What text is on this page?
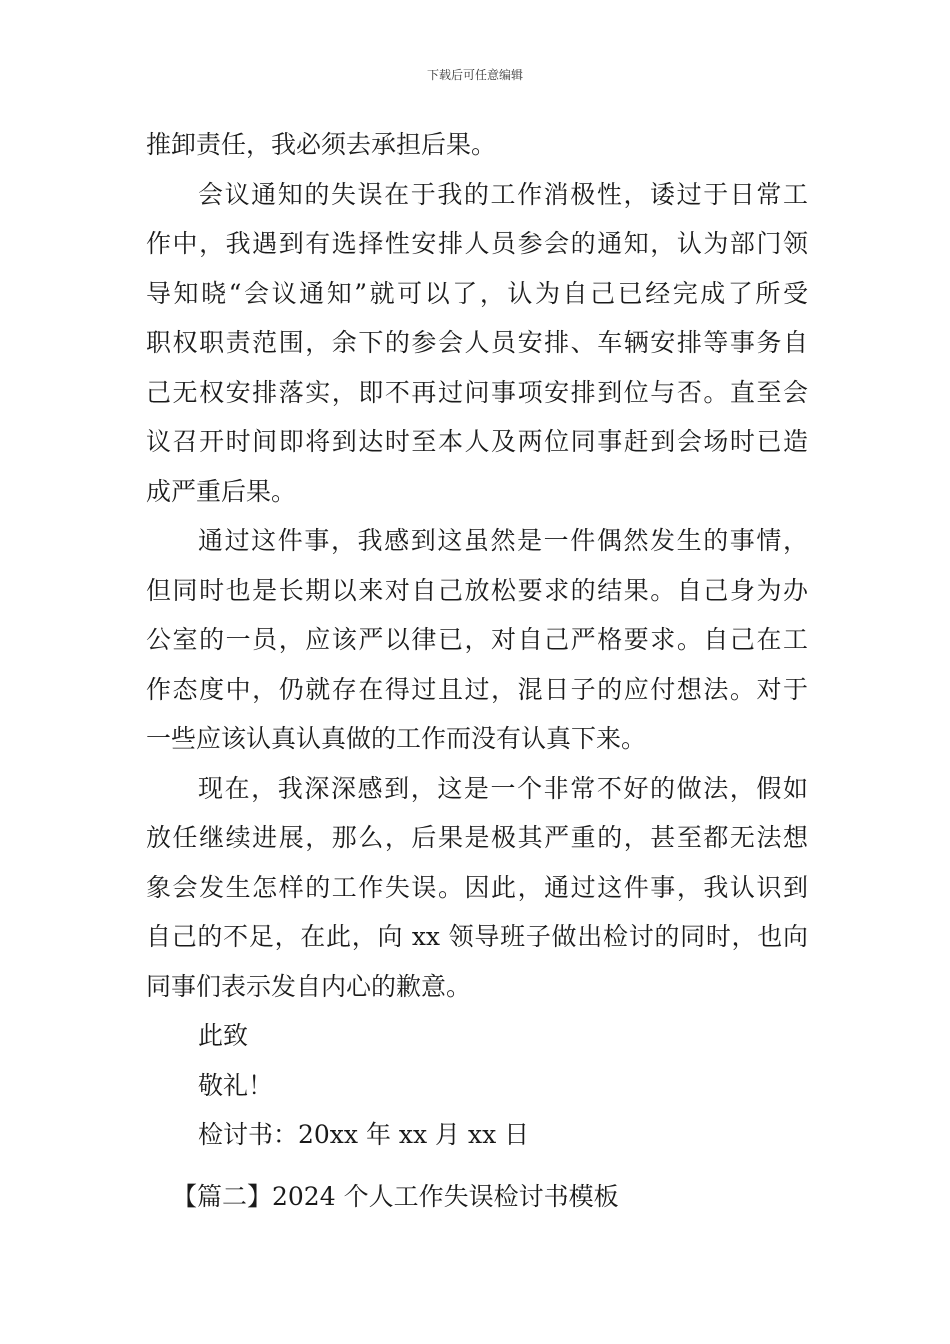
下载后可任意编辑
推卸责任，我必须去承担后果。
会议通知的失误在于我的工作消极性，诿过于日常工
作中，我遇到有选择性安排人员参会的通知，认为部门领
导知晓“会议通知”就可以了，认为自己已经完成了所受
职权职责范围，余下的参会人员安排、车辆安排等事务自
己无权安排落实，即不再过问事项安排到位与否。直至会
议召开时间即将到达时至本人及两位同事赶到会场时已造
成严重后果。
通过这件事，我感到这虽然是一件偶然发生的事情，
但同时也是长期以来对自己放松要求的结果。自己身为办
公室的一员，应该严以律已，对自己严格要求。自己在工
作态度中，仍就存在得过且过，混日子的应付想法。对于
一些应该认真认真做的工作而没有认真下来。
现在，我深深感到，这是一个非常不好的做法，假如
放任继续进展，那么，后果是极其严重的，甚至都无法想
象会发生怎样的工作失误。因此，通过这件事，我认识到
自己的不足，在此，向 xx 领导班子做出检讨的同时，也向
同事们表示发自内心的歉意。
此致
敬礼！
检讨书：20xx 年 xx 月 xx 日
【篇二】2024 个人工作失误检讨书模板
